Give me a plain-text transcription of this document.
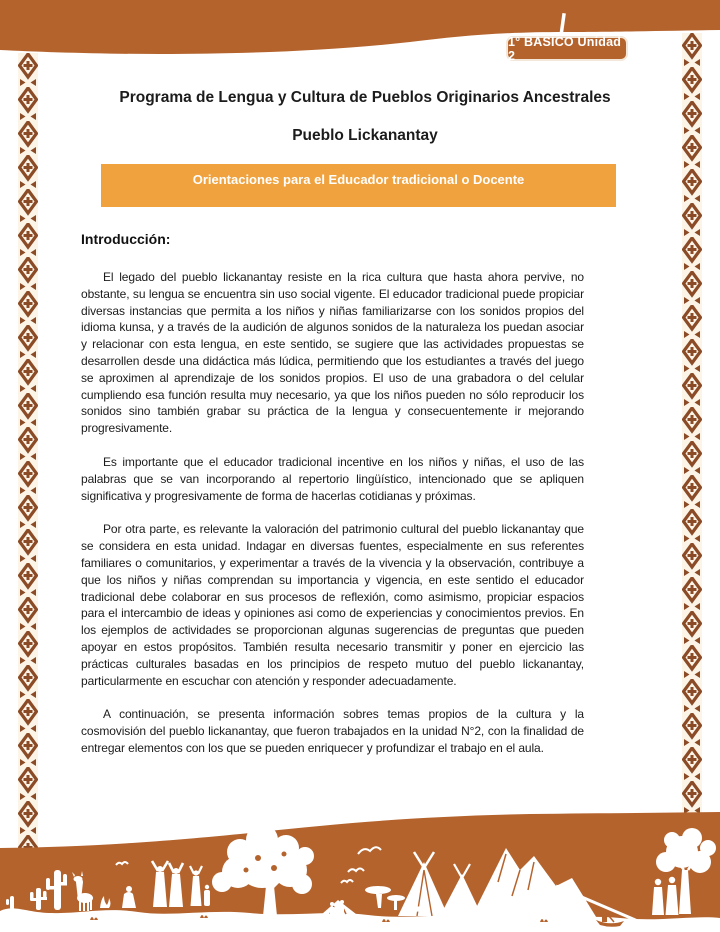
1° BÁSICO Unidad 2
Programa de Lengua y Cultura de Pueblos Originarios Ancestrales
Pueblo Lickanantay
Orientaciones para el Educador tradicional o Docente
Introducción:

El legado del pueblo lickanantay resiste en la rica cultura que hasta ahora pervive, no obstante, su lengua se encuentra sin uso social vigente. El educador tradicional puede propiciar diversas instancias que permita a los niños y niñas familiarizarse con los sonidos propios del idioma kunsa, y a través de la audición de algunos sonidos de la naturaleza los puedan asociar y relacionar con esta lengua, en este sentido, se sugiere que las actividades propuestas se desarrollen desde una didáctica más lúdica, permitiendo que los estudiantes a través del juego se aproximen al aprendizaje de los sonidos propios. El uso de una grabadora o del celular cumpliendo esa función resulta muy necesario, ya que los niños pueden no sólo reproducir los sonidos sino también grabar su práctica de la lengua y consecuentemente ir mejorando progresivamente.

Es importante que el educador tradicional incentive en los niños y niñas, el uso de las palabras que se van incorporando al repertorio lingüístico, intencionado que se apliquen significativa y progresivamente de forma de hacerlas cotidianas y próximas.

Por otra parte, es relevante la valoración del patrimonio cultural del pueblo lickanantay que se considera en esta unidad. Indagar en diversas fuentes, especialmente en sus referentes familiares o comunitarios, y experimentar a través de la vivencia y la observación, contribuye a que los niños y niñas comprendan su importancia y vigencia, en este sentido el educador tradicional debe colaborar en sus procesos de reflexión, como asimismo, propiciar espacios para el intercambio de ideas y opiniones asi como de experiencias y conocimientos previos. En los ejemplos de actividades se proporcionan algunas sugerencias de preguntas que pueden apoyar en estos propósitos. También resulta necesario transmitir y poner en ejercicio las prácticas culturales basadas en los principios de respeto mutuo del pueblo lickanantay, particularmente en escuchar con atención y responder adecuadamente.

A continuación, se presenta información sobres temas propios de la cultura y la cosmovisión del pueblo lickanantay, que fueron trabajados en la unidad N°2, con la finalidad de entregar elementos con los que se pueden enriquecer y profundizar el trabajo en el aula.
